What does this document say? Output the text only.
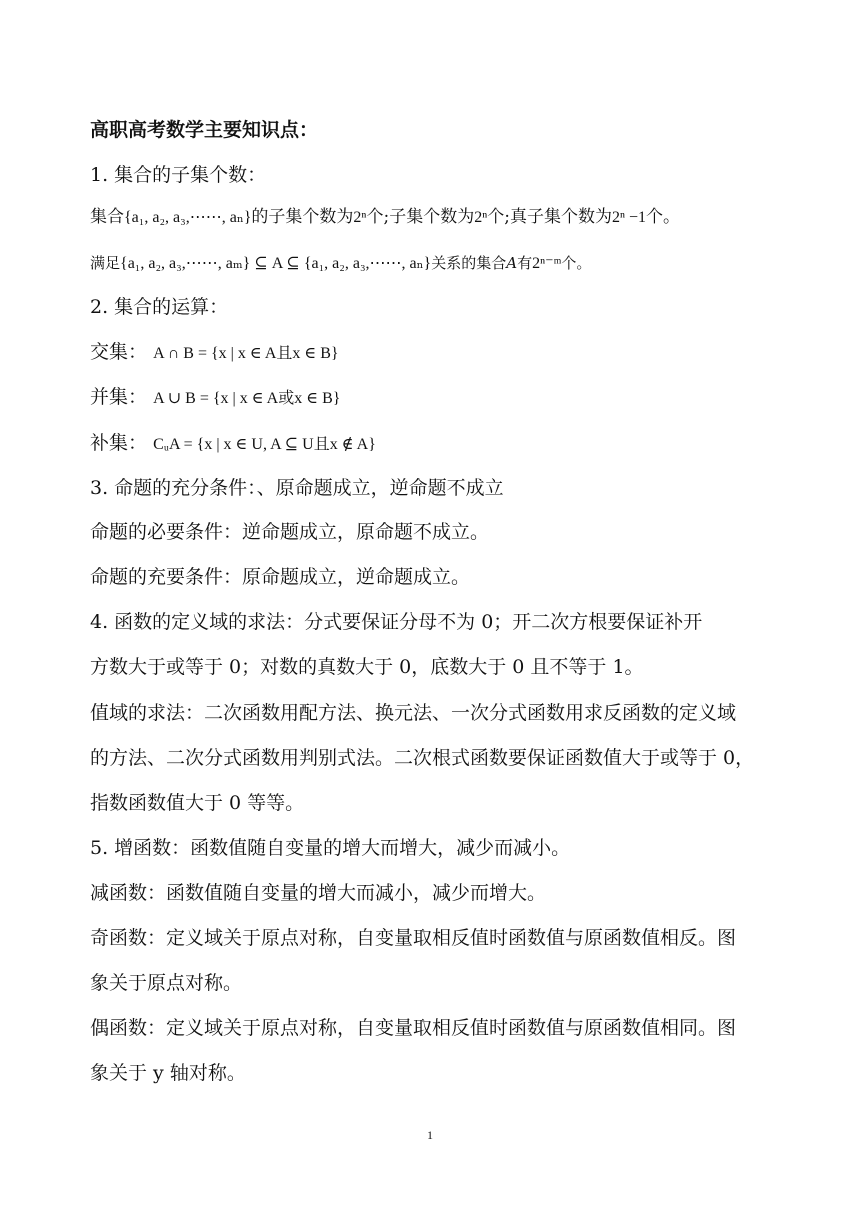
高职高考数学主要知识点：
1. 集合的子集个数：
集合{a₁, a₂, a₃,⋯⋯, aₙ}的子集个数为2ⁿ个;子集个数为2ⁿ个;真子集个数为2ⁿ −1个。
满足{a₁, a₂, a₃,⋯⋯, aₘ} ⊆ A ⊆ {a₁, a₂, a₃,⋯⋯, aₙ}关系的集合A有2ⁿ⁻ᵐ个。
2. 集合的运算：
交集： A ∩ B = {x | x ∈ A且x ∈ B}
并集： A ∪ B = {x | x ∈ A或x ∈ B}
补集： CᵤA = {x | x ∈ U, A ⊆ U且x ∉ A}
3. 命题的充分条件：、原命题成立，逆命题不成立
命题的必要条件：逆命题成立，原命题不成立。
命题的充要条件：原命题成立，逆命题成立。
4. 函数的定义域的求法：分式要保证分母不为 0；开二次方根要保证补开
方数大于或等于 0；对数的真数大于 0，底数大于 0 且不等于 1。
值域的求法：二次函数用配方法、换元法、一次分式函数用求反函数的定义域
的方法、二次分式函数用判别式法。二次根式函数要保证函数值大于或等于 0，
指数函数值大于 0 等等。
5. 增函数：函数值随自变量的增大而增大，减少而减小。
减函数：函数值随自变量的增大而减小，减少而增大。
奇函数：定义域关于原点对称，自变量取相反值时函数值与原函数值相反。图
象关于原点对称。
偶函数：定义域关于原点对称，自变量取相反值时函数值与原函数值相同。图
象关于 y 轴对称。
1
